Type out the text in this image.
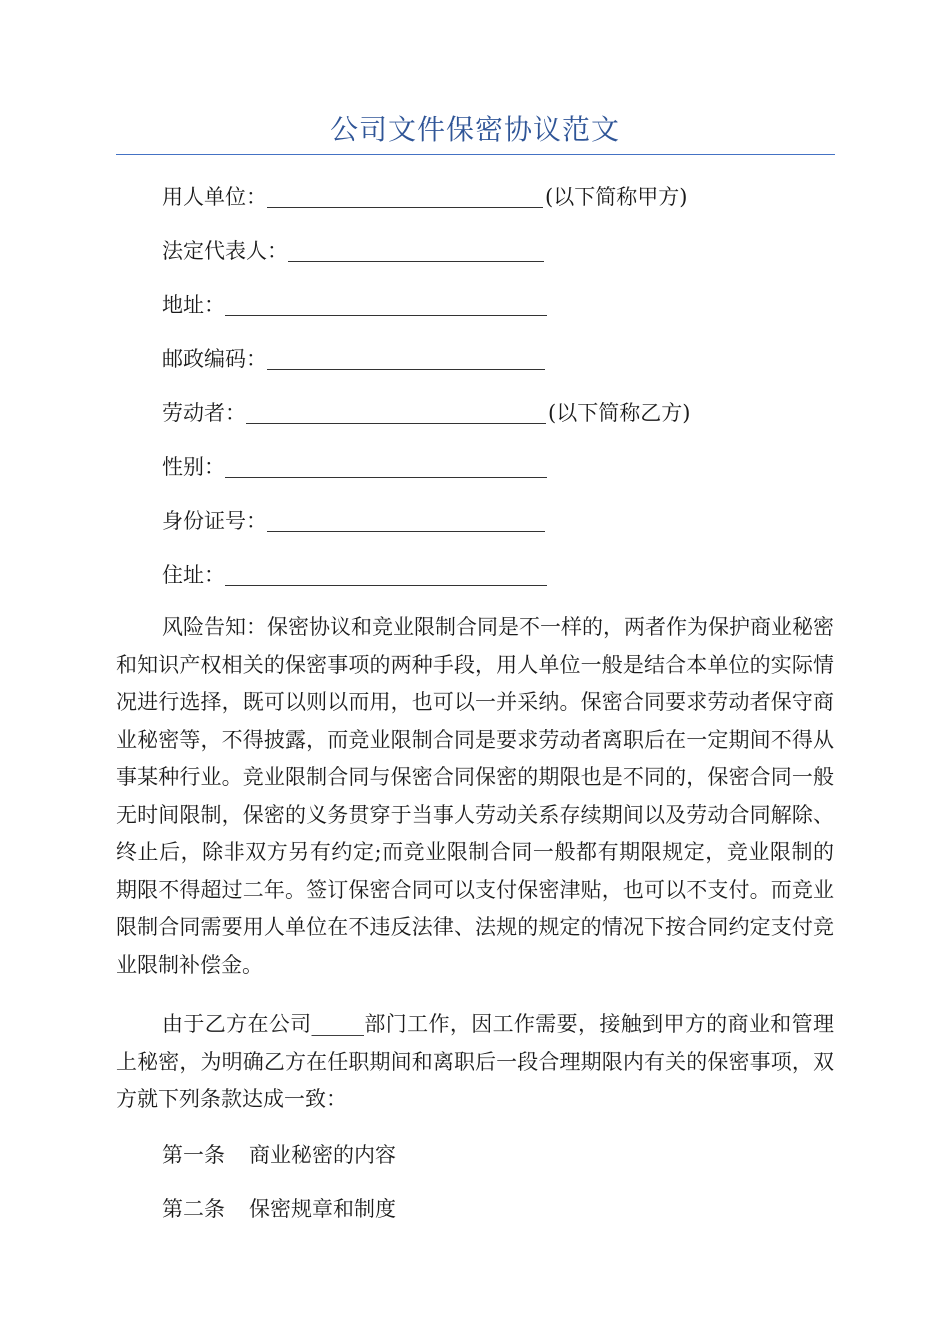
公司文件保密协议范文
用人单位：	(以下简称甲方)
法定代表人：
地址：
邮政编码：
劳动者：	(以下简称乙方)
性别：
身份证号：
住址：

风险告知：保密协议和竞业限制合同是不一样的，两者作为保护商业秘密和知识产权相关的保密事项的两种手段，用人单位一般是结合本单位的实际情况进行选择，既可以则以而用，也可以一并采纳。保密合同要求劳动者保守商业秘密等，不得披露，而竞业限制合同是要求劳动者离职后在一定期间不得从事某种行业。竞业限制合同与保密合同保密的期限也是不同的，保密合同一般无时间限制，保密的义务贯穿于当事人劳动关系存续期间以及劳动合同解除、终止后，除非双方另有约定;而竞业限制合同一般都有期限规定，竞业限制的期限不得超过二年。签订保密合同可以支付保密津贴，也可以不支付。而竞业限制合同需要用人单位在不违反法律、法规的规定的情况下按合同约定支付竞业限制补偿金。

由于乙方在公司_____部门工作，因工作需要，接触到甲方的商业和管理上秘密，为明确乙方在任职期间和离职后一段合理期限内有关的保密事项，双方就下列条款达成一致：

第一条 商业秘密的内容
第二条 保密规章和制度
